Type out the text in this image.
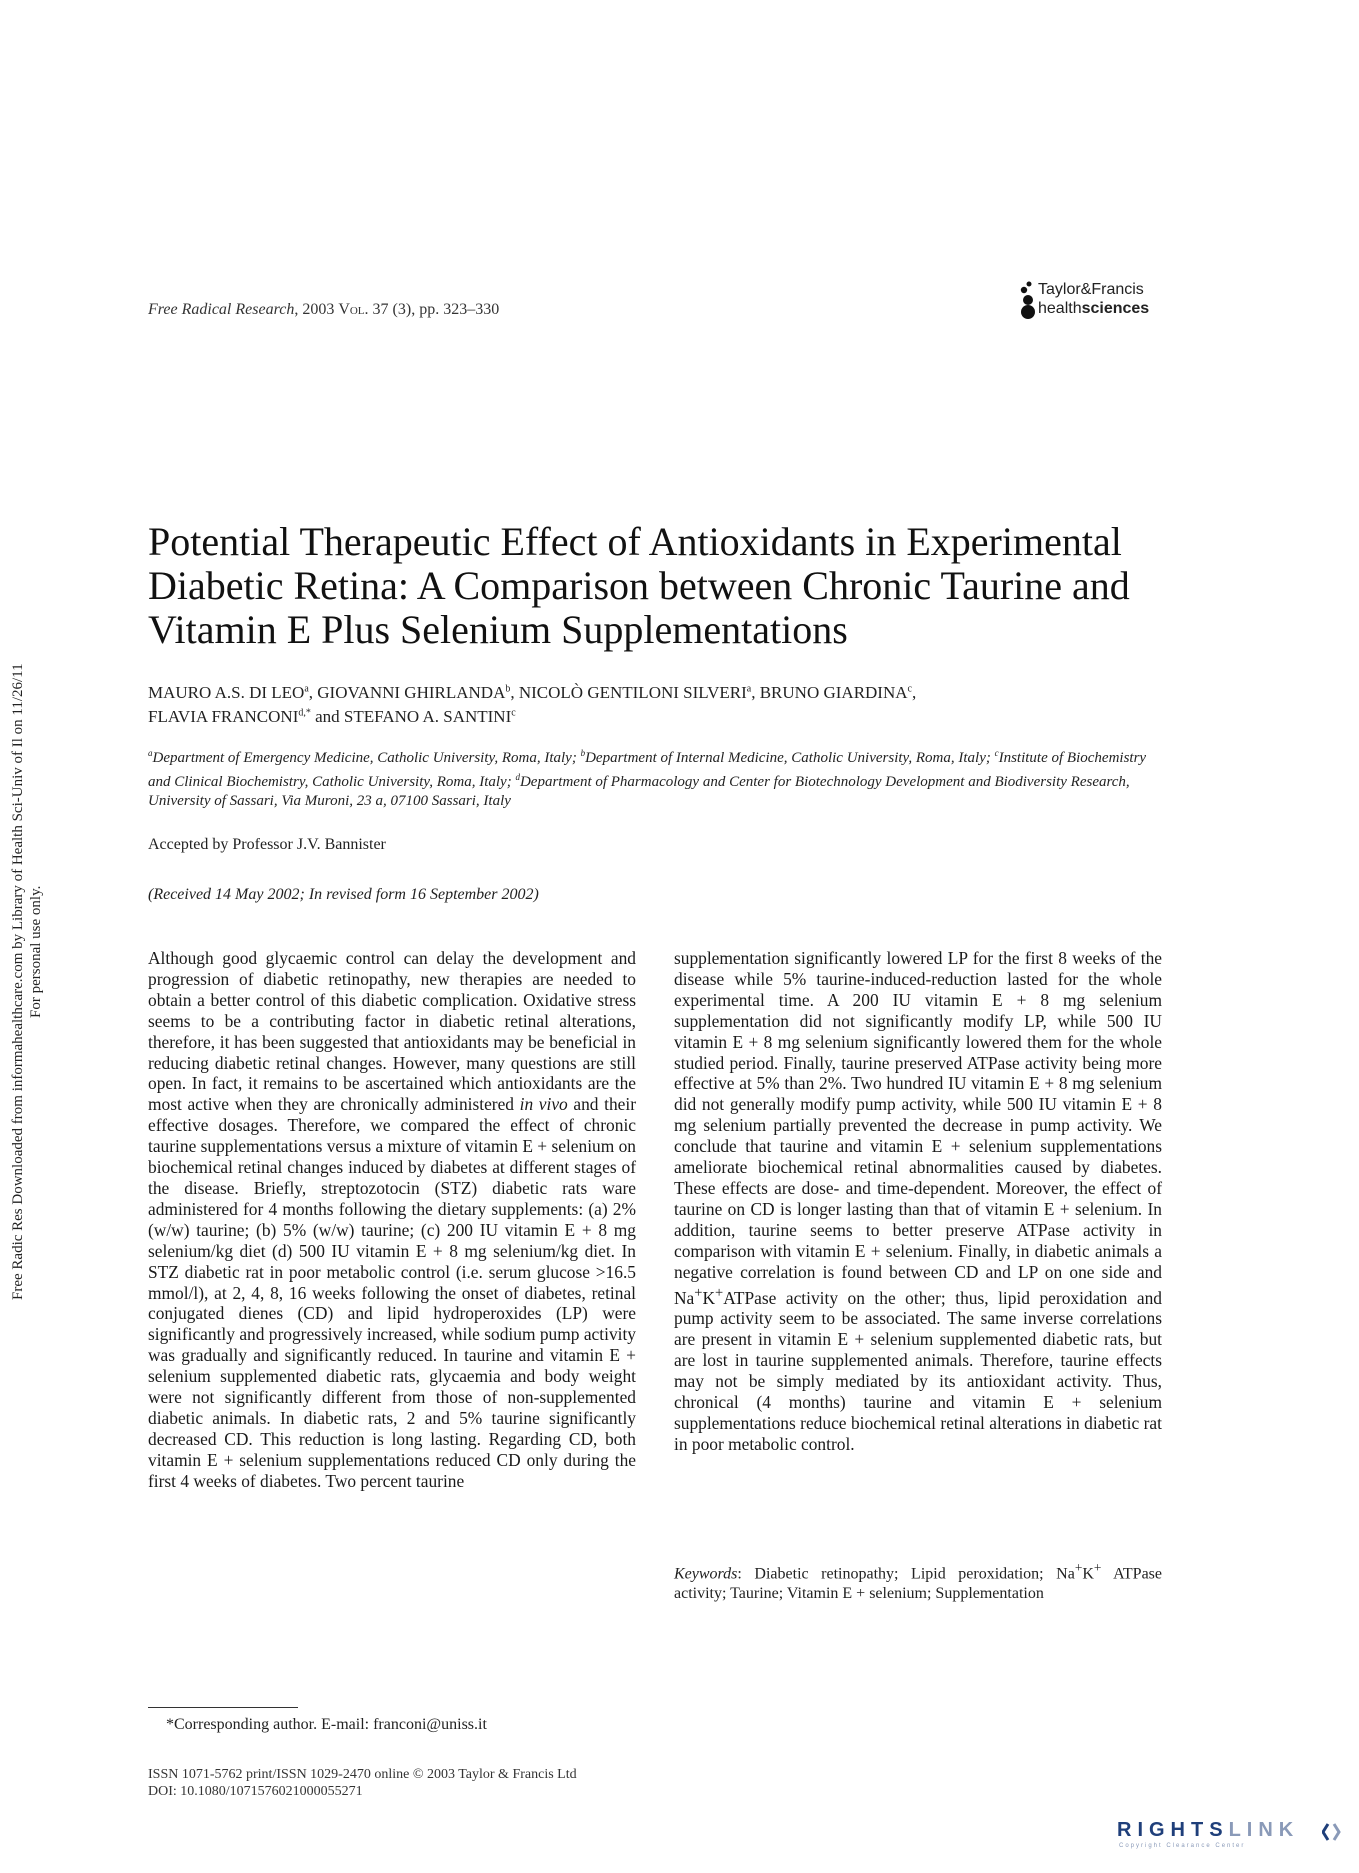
Free Radic Res Downloaded from informahealthcare.com by Library of Health Sci-Univ of Il on 11/26/11 For personal use only.
Free Radical Research, 2003 Vol. 37 (3), pp. 323–330
Taylor&Francis
healthsciences
Potential Therapeutic Effect of Antioxidants in Experimental Diabetic Retina: A Comparison between Chronic Taurine and Vitamin E Plus Selenium Supplementations
MAURO A.S. DI LEO$^a$, GIOVANNI GHIRLANDA$^b$, NICOLÒ GENTILONI SILVERI$^a$, BRUNO GIARDINA$^c$,
FLAVIA $FRANCONI^{d,*}$ and STEFANO A. SANTINI$^c$
$^a$Department of Emergency Medicine, Catholic University, Roma, Italy; $^b$Department of Internal Medicine, Catholic University, Roma, Italy; $^c$Institute of Biochemistry and Clinical Biochemistry, Catholic University, Roma, Italy; $^d$Department of Pharmacology and Center for Biotechnology Development and Biodiversity Research, University of Sassari, Via Muroni, 23 a, 07100 Sassari, Italy
Accepted by Professor J.V. Bannister
(Received 14 May 2002; In revised form 16 September 2002)
Although good glycaemic control can delay the development and progression of diabetic retinopathy, new therapies are needed to obtain a better control of this diabetic complication. Oxidative stress seems to be a contributing factor in diabetic retinal alterations, therefore, it has been suggested that antioxidants may be beneficial in reducing diabetic retinal changes. However, many questions are still open. In fact, it remains to be ascertained which antioxidants are the most active when they are chronically administered in vivo and their effective dosages. Therefore, we compared the effect of chronic taurine supplementations versus a mixture of vitamin E + selenium on biochemical retinal changes induced by diabetes at different stages of the disease. Briefly, streptozotocin (STZ) diabetic rats ware administered for 4 months following the dietary supplements: (a) 2% (w/w) taurine; (b) 5% (w/w) taurine; (c) 200 IU vitamin E + 8 mg selenium/kg diet (d) 500 IU vitamin E + 8 mg selenium/kg diet. In STZ diabetic rat in poor metabolic control (i.e. serum glucose >16.5 mmol/l), at 2, 4, 8, 16 weeks following the onset of diabetes, retinal conjugated dienes (CD) and lipid hydroperoxides (LP) were significantly and progressively increased, while sodium pump activity was gradually and significantly reduced. In taurine and vitamin E + selenium supplemented diabetic rats, glycaemia and body weight were not significantly different from those of non-supplemented diabetic animals. In diabetic rats, 2 and 5% taurine significantly decreased CD. This reduction is long lasting. Regarding CD, both vitamin E + selenium supplementations reduced CD only during the first 4 weeks of diabetes. Two percent taurine
supplementation significantly lowered LP for the first 8 weeks of the disease while 5% taurine-induced-reduction lasted for the whole experimental time. A 200 IU vitamin E + 8 mg selenium supplementation did not significantly modify LP, while 500 IU vitamin E + 8 mg selenium significantly lowered them for the whole studied period. Finally, taurine preserved ATPase activity being more effective at 5% than 2%. Two hundred IU vitamin E + 8 mg selenium did not generally modify pump activity, while 500 IU vitamin E + 8 mg selenium partially prevented the decrease in pump activity. We conclude that taurine and vitamin E + selenium supplementations ameliorate biochemical retinal abnormalities caused by diabetes. These effects are dose- and time-dependent. Moreover, the effect of taurine on CD is longer lasting than that of vitamin E + selenium. In addition, taurine seems to better preserve ATPase activity in comparison with vitamin E + selenium. Finally, in diabetic animals a negative correlation is found between CD and LP on one side and Na+K+ATPase activity on the other; thus, lipid peroxidation and pump activity seem to be associated. The same inverse correlations are present in vitamin E + selenium supplemented diabetic rats, but are lost in taurine supplemented animals. Therefore, taurine effects may not be simply mediated by its antioxidant activity. Thus, chronical (4 months) taurine and vitamin E + selenium supplementations reduce biochemical retinal alterations in diabetic rat in poor metabolic control.
Keywords: Diabetic retinopathy; Lipid peroxidation; Na+K+ ATPase activity; Taurine; Vitamin E + selenium; Supplementation
*Corresponding author. E-mail: franconi@uniss.it
ISSN 1071-5762 print/ISSN 1029-2470 online © 2003 Taylor & Francis Ltd
DOI: 10.1080/1071576021000055271
RIGHTSLINK
Copyright Clearance Center
